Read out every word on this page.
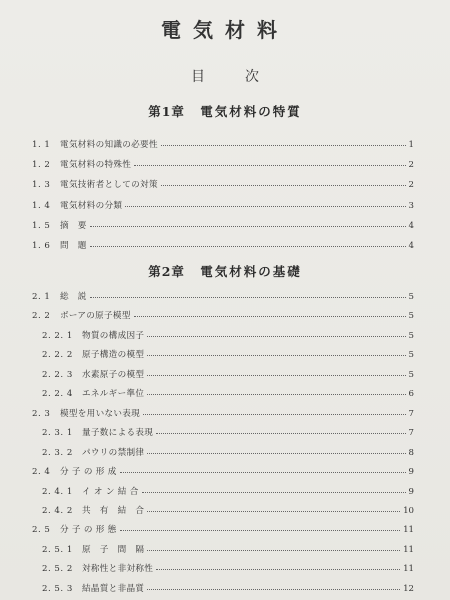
電気材料
目次
第1章 電気材料の特質
1. 1 電気材料の知識の必要性	1
1. 2 電気材料の特殊性	2
1. 3 電気技術者としての対策	2
1. 4 電気材料の分類	3
1. 5 摘　要	4
1. 6 問　題	4
第2章 電気材料の基礎
2. 1 総　説	5
2. 2 ボーアの原子模型	5
2. 2. 1 物質の構成因子	5
2. 2. 2 原子構造の模型	5
2. 2. 3 水素原子の模型	5
2. 2. 4 エネルギー準位	6
2. 3 模型を用いない表現	7
2. 3. 1 量子数による表現	7
2. 3. 2 パウリの禁制律	8
2. 4 分 子 の 形 成	9
2. 4. 1 イ オ ン 結 合	9
2. 4. 2 共　有　結　合	10
2. 5 分 子 の 形 態	11
2. 5. 1 原　子　間　隔	11
2. 5. 2 対称性と非対称性	11
2. 5. 3 結晶質と非晶質	12
